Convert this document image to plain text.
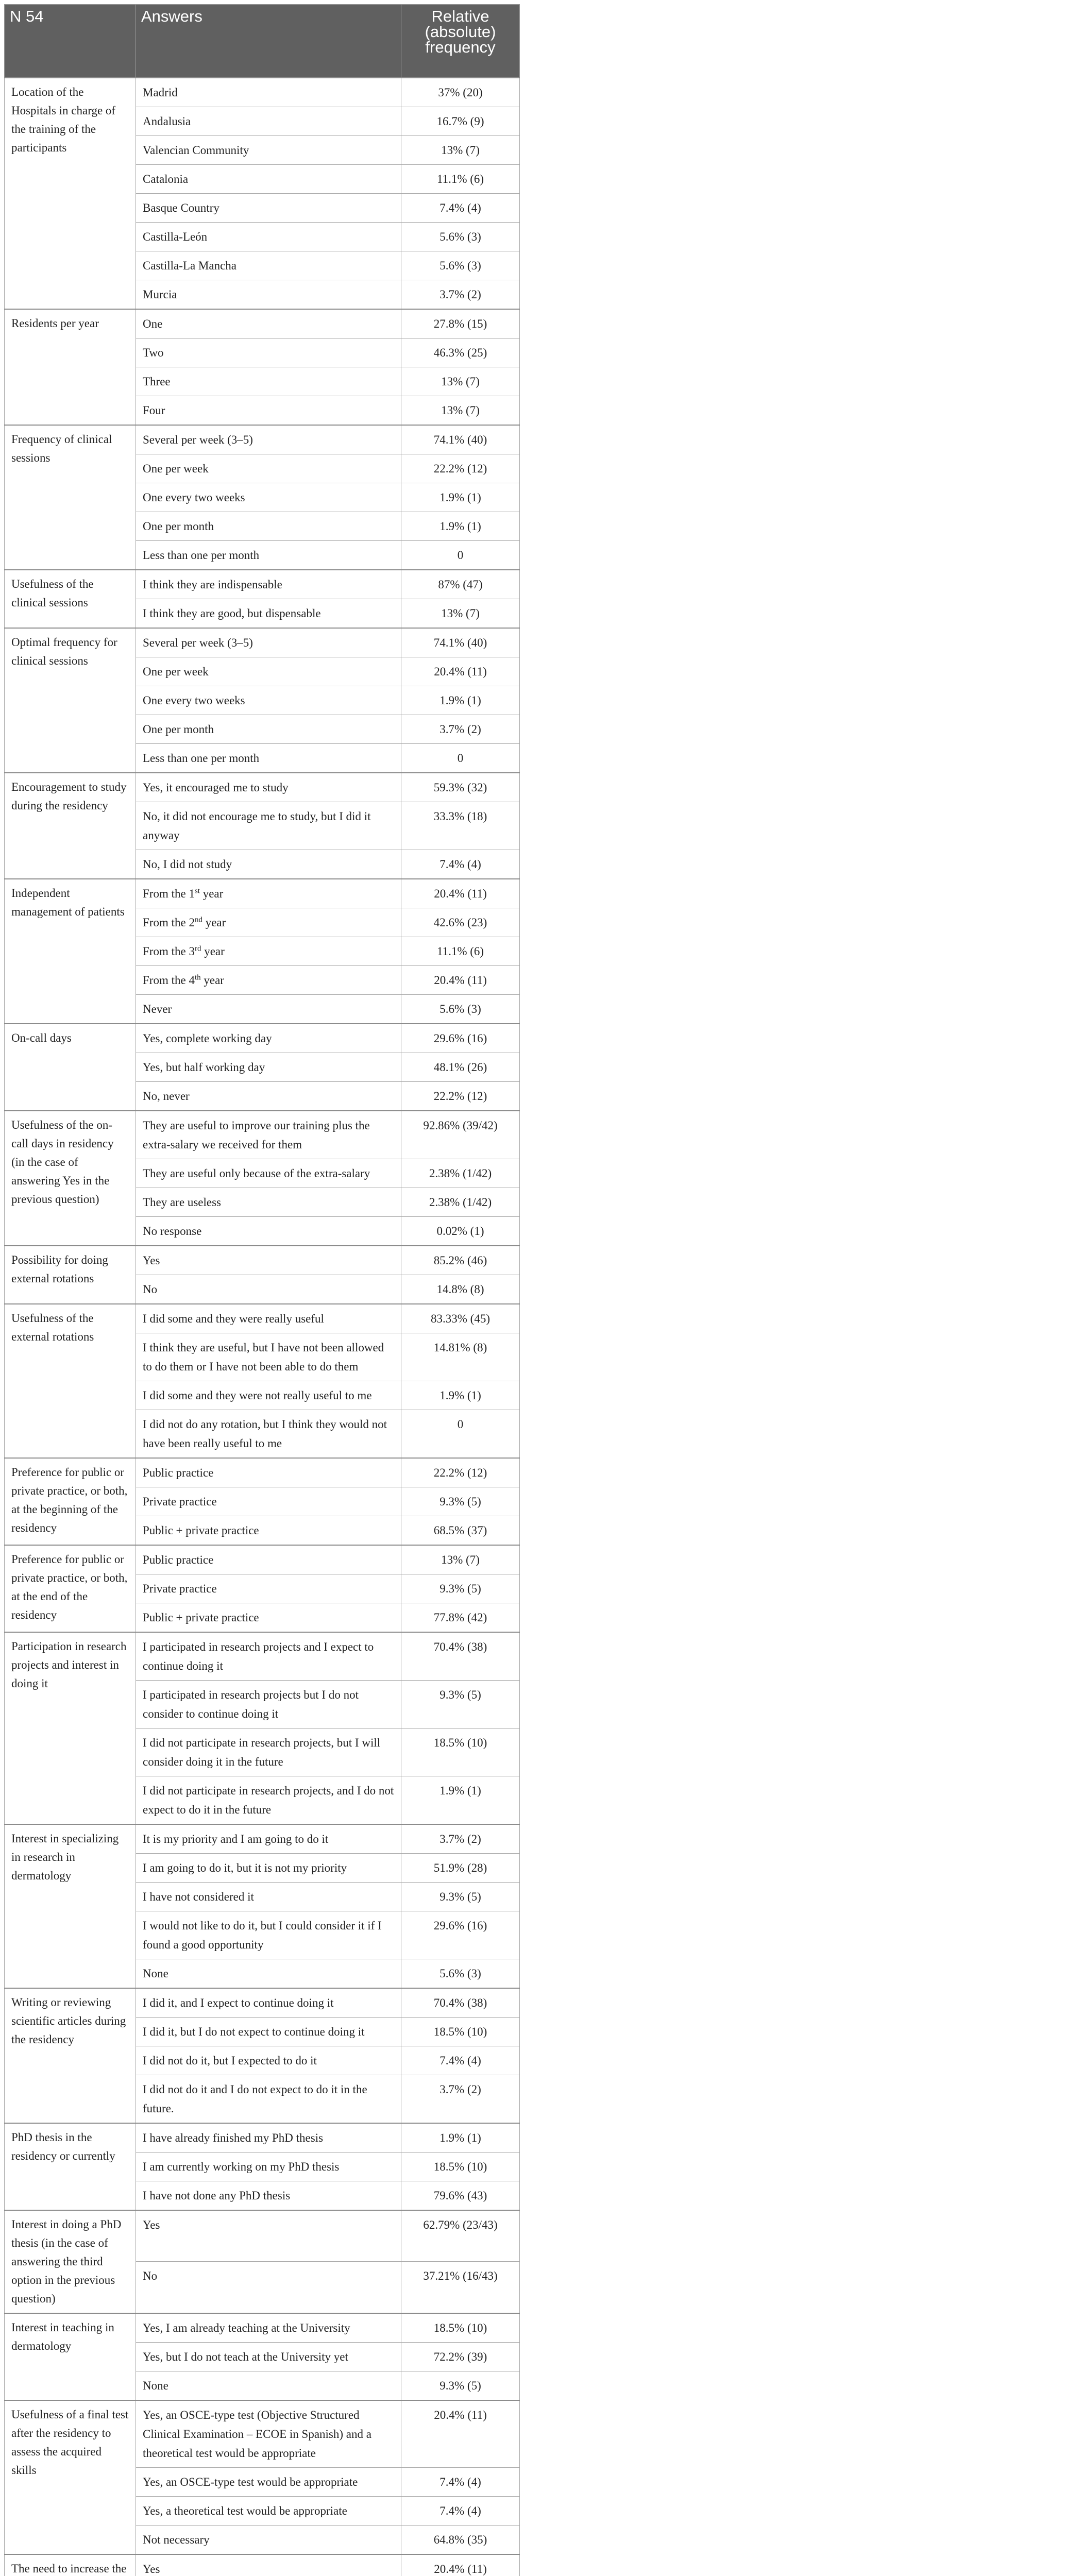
N 54	Answers	Relative (absolute) frequency
Location of the Hospitals in charge of the training of the participants	Madrid	37% (20)
	Andalusia	16.7% (9)
	Valencian Community	13% (7)
	Catalonia	11.1% (6)
	Basque Country	7.4% (4)
	Castilla-León	5.6% (3)
	Castilla-La Mancha	5.6% (3)
	Murcia	3.7% (2)
Residents per year	One	27.8% (15)
	Two	46.3% (25)
	Three	13% (7)
	Four	13% (7)
Frequency of clinical sessions	Several per week (3–5)	74.1% (40)
	One per week	22.2% (12)
	One every two weeks	1.9% (1)
	One per month	1.9% (1)
	Less than one per month	0
Usefulness of the clinical sessions	I think they are indispensable	87% (47)
	I think they are good, but dispensable	13% (7)
Optimal frequency for clinical sessions	Several per week (3–5)	74.1% (40)
	One per week	20.4% (11)
	One every two weeks	1.9% (1)
	One per month	3.7% (2)
	Less than one per month	0
Encouragement to study during the residency	Yes, it encouraged me to study	59.3% (32)
	No, it did not encourage me to study, but I did it anyway	33.3% (18)
	No, I did not study	7.4% (4)
Independent management of patients	From the 1st year	20.4% (11)
	From the 2nd year	42.6% (23)
	From the 3rd year	11.1% (6)
	From the 4th year	20.4% (11)
	Never	5.6% (3)
On-call days	Yes, complete working day	29.6% (16)
	Yes, but half working day	48.1% (26)
	No, never	22.2% (12)
Usefulness of the on-call days in residency (in the case of answering Yes in the previous question)	They are useful to improve our training plus the extra-salary we received for them	92.86% (39/42)
	They are useful only because of the extra-salary	2.38% (1/42)
	They are useless	2.38% (1/42)
	No response	0.02% (1)
Possibility for doing external rotations	Yes	85.2% (46)
	No	14.8% (8)
Usefulness of the external rotations	I did some and they were really useful	83.33% (45)
	I think they are useful, but I have not been allowed to do them or I have not been able to do them	14.81% (8)
	I did some and they were not really useful to me	1.9% (1)
	I did not do any rotation, but I think they would not have been really useful to me	0
Preference for public or private practice, or both, at the beginning of the residency	Public practice	22.2% (12)
	Private practice	9.3% (5)
	Public + private practice	68.5% (37)
Preference for public or private practice, or both, at the end of the residency	Public practice	13% (7)
	Private practice	9.3% (5)
	Public + private practice	77.8% (42)
Participation in research projects and interest in doing it	I participated in research projects and I expect to continue doing it	70.4% (38)
	I participated in research projects but I do not consider to continue doing it	9.3% (5)
	I did not participate in research projects, but I will consider doing it in the future	18.5% (10)
	I did not participate in research projects, and I do not expect to do it in the future	1.9% (1)
Interest in specializing in research in dermatology	It is my priority and I am going to do it	3.7% (2)
	I am going to do it, but it is not my priority	51.9% (28)
	I have not considered it	9.3% (5)
	I would not like to do it, but I could consider it if I found a good opportunity	29.6% (16)
	None	5.6% (3)
Writing or reviewing scientific articles during the residency	I did it, and I expect to continue doing it	70.4% (38)
	I did it, but I do not expect to continue doing it	18.5% (10)
	I did not do it, but I expected to do it	7.4% (4)
	I did not do it and I do not expect to do it in the future.	3.7% (2)
PhD thesis in the residency or currently	I have already finished my PhD thesis	1.9% (1)
	I am currently working on my PhD thesis	18.5% (10)
	I have not done any PhD thesis	79.6% (43)
Interest in doing a PhD thesis (in the case of answering the third option in the previous question)	Yes	62.79% (23/43)
	No	37.21% (16/43)
Interest in teaching in dermatology	Yes, I am already teaching at the University	18.5% (10)
	Yes, but I do not teach at the University yet	72.2% (39)
	None	9.3% (5)
Usefulness of a final test after the residency to assess the acquired skills	Yes, an OSCE-type test (Objective Structured Clinical Examination – ECOE in Spanish) and a theoretical test would be appropriate	20.4% (11)
	Yes, an OSCE-type test would be appropriate	7.4% (4)
	Yes, a theoretical test would be appropriate	7.4% (4)
	Not necessary	64.8% (35)
The need to increase the	Yes	20.4% (11)
